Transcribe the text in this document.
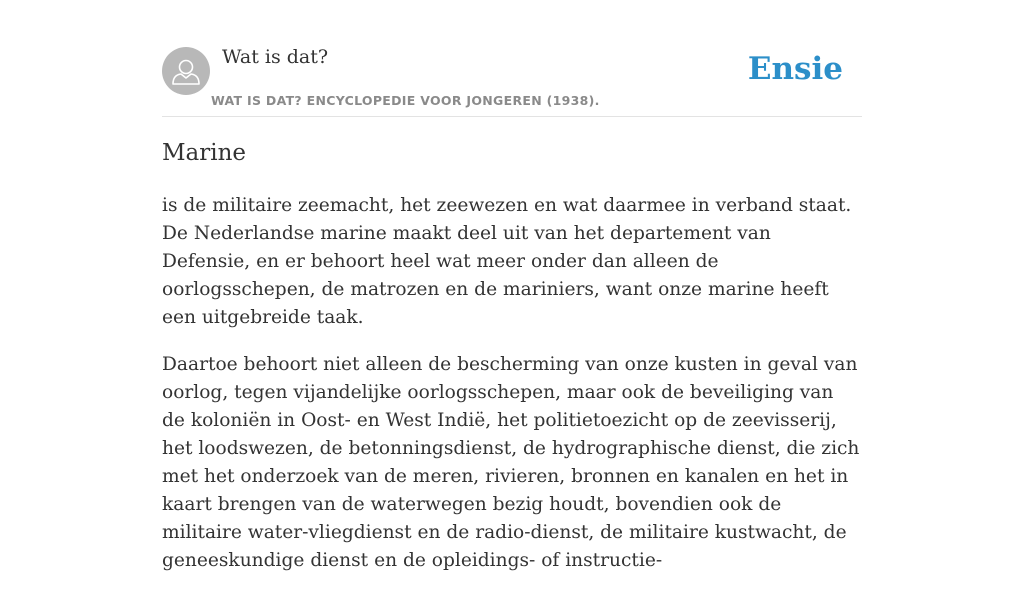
Wat is dat?
WAT IS DAT? ENCYCLOPEDIE VOOR JONGEREN (1938).
Ensie
Marine

is de militaire zeemacht, het zeewezen en wat daarmee in verband staat. De Nederlandse marine maakt deel uit van het departement van Defensie, en er behoort heel wat meer onder dan alleen de oorlogsschepen, de matrozen en de mariniers, want onze marine heeft een uitgebreide taak.

Daartoe behoort niet alleen de bescherming van onze kusten in geval van oorlog, tegen vijandelijke oorlogsschepen, maar ook de beveiliging van de koloniën in Oost- en West Indië, het politietoezicht op de zeevisserij, het loodswezen, de betonningsdienst, de hydrographische dienst, die zich met het onderzoek van de meren, rivieren, bronnen en kanalen en het in kaart brengen van de waterwegen bezig houdt, bovendien ook de militaire water-vliegdienst en de radio-dienst, de militaire kustwacht, de geneeskundige dienst en de opleidings- of instructie-
